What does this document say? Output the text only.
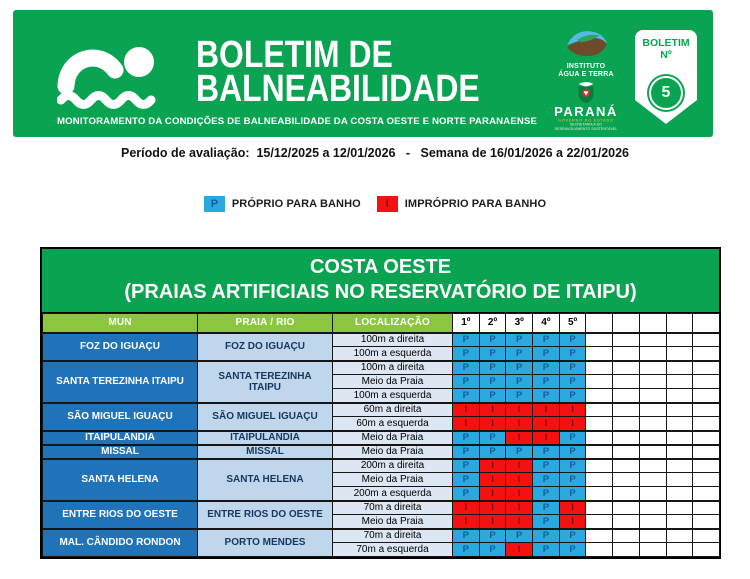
BOLETIM DE
BALNEABILIDADE
MONITORAMENTO DA CONDIÇÕES DE BALNEABILIDADE DA COSTA OESTE E NORTE PARANAENSE
INSTITUTO
ÁGUA E TERRA
PARANÁ
GOVERNO DO ESTADO
SECRETARIA A DO
DESENVOLVIMENTO SUSTENTÁVEL
BOLETIM
Nº
5
Período de avaliação: 15/12/2025 a 12/01/2026 - Semana de 16/01/2026 a 22/01/2026
P	PRÓPRIO PARA BANHO	I	IMPRÓPRIO PARA BANHO
COSTA OESTE
(PRAIAS ARTIFICIAIS NO RESERVATÓRIO DE ITAIPU)
MUN	PRAIA / RIO	LOCALIZAÇÃO	1º	2º	3º	4º	5º					
FOZ DO IGUAÇU	FOZ DO IGUAÇU	100m a direita	P	P	P	P	P					
		100m a esquerda	P	P	P	P	P					
SANTA TEREZINHA ITAIPU	SANTA TEREZINHA ITAIPU	100m a direita	P	P	P	P	P					
		Meio da Praia	P	P	P	P	P					
		100m a esquerda	P	P	P	P	P					
SÃO MIGUEL IGUAÇU	SÃO MIGUEL IGUAÇU	60m a direita	I	I	I	I	I					
		60m a esquerda	I	I	I	I	I					
ITAIPULÂNDIA	ITAIPULÂNDIA	Meio da Praia	P	P	I	I	P					
MISSAL	MISSAL	Meio da Praia	P	P	P	P	P					
SANTA HELENA	SANTA HELENA	200m a direita	P	I	I	P	P					
		Meio da Praia	P	I	I	P	P					
		200m a esquerda	P	I	I	P	P					
ENTRE RIOS DO OESTE	ENTRE RIOS DO OESTE	70m a direita	I	I	I	P	I					
		Meio da Praia	I	I	I	P	I					
MAL. CÂNDIDO RONDON	PORTO MENDES	70m a direita	P	P	P	P	P					
		70m a esquerda	P	P	I	P	P					
